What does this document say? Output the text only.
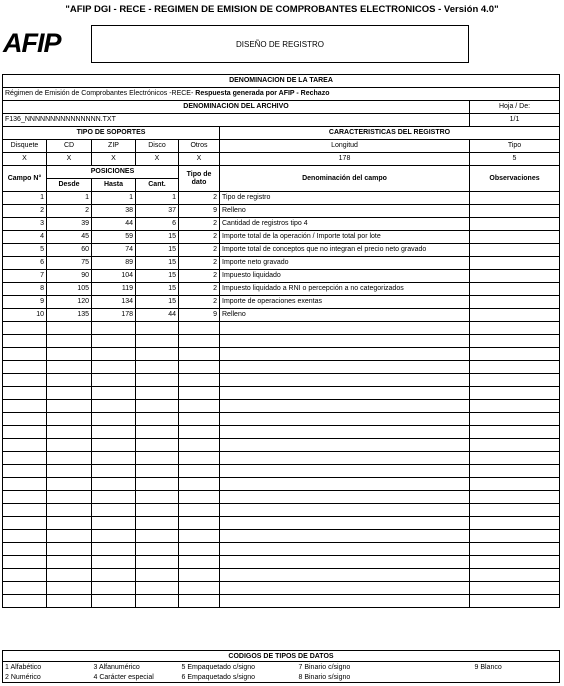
"AFIP DGI - RECE - REGIMEN DE EMISION DE COMPROBANTES ELECTRONICOS - Versión 4.0"
AFIP	DISEÑO DE REGISTRO
DENOMINACION DE LA TAREA						
Régimen de Emisión de Comprobantes Electrónicos -RECE- Respuesta generada por AFIP - Rechazo						
DENOMINACION DEL ARCHIVO						Hoja / De:
F136_NNNNNNNNNNNNNNN.TXT						1/1
TIPO DE SOPORTES					CARACTERISTICAS DEL REGISTRO	
Disquete	CD	ZIP	Disco	Otros	Longitud	Tipo
X	X	X	X	X	178	5
Campo N°	POSICIONES			Tipo de dato	Denominación del campo	Observaciones
	Desde	Hasta	Cant.			
1	1	1	1	2	Tipo de registro	
2	2	38	37	9	Relleno	
3	39	44	6	2	Cantidad de registros tipo 4	
4	45	59	15	2	Importe total de la operación / Importe total por lote	
5	60	74	15	2	Importe total de conceptos que no integran el precio neto gravado	
6	75	89	15	2	Importe neto gravado	
7	90	104	15	2	Impuesto liquidado	
8	105	119	15	2	Impuesto liquidado a RNI o percepción a no categorizados	
9	120	134	15	2	Importe de operaciones exentas	
10	135	178	44	9	Relleno	

CODIGOS DE TIPOS DE DATOS				
1 Alfabético	3 Alfanumérico	5 Empaquetado c/signo	7 Binario c/signo	9 Blanco
2 Numérico	4 Carácter especial	6 Empaquetado s/signo	8 Binario s/signo	
